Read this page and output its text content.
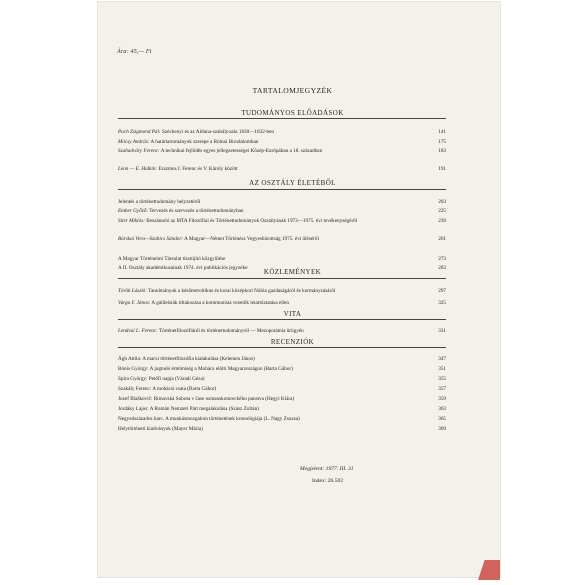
Ára: 45,— Ft
TARTALOMJEGYZÉK
TUDOMÁNYOS ELŐADÁSOK
Pach Zsigmond Pál: Széchenyi és az Aldunа-szabályozás 1830—1832-ben	141
Mócsy András: A határtartományok szerepe a Római Birodalomban	175
Szabadváry Ferenc: A technikai fejlődés egyes jellegzetességei Közép-Európában a 18. században	183
Léon — E. Halkin: Erazmus I. Ferenc és V. Károly között	191
AZ OSZTÁLY ÉLETÉBŐL
Jelentés a történettudomány helyzetéről	203
Ember Győző: Tervezés és szervezés a történettudományban	225
Stier Miklós: Beszámoló az MTA Filozófiai és Történettudományok Osztályának 1973—1975. évi tevékenységéről	239
Bárskai Vera—Szabics Sándor: A Magyar—Német Történész Vegyesbizottság 1975. évi üléséről	261
A Magyar Történelmi Társulat tisztújító közgyűlése	273
A II. Osztály akadémikusainak 1974. évi publikációs jegyzéke	283
KÖZLEMÉNYEK
Török László: Tanulmányok a későmeroitikus és korai középkori Núbia gazdaságáról és kormányzásáról	297
Varga F. János: A galileisták tiltakozása a kommunista vezetők letartóztatása ellen	325
VITA
Lendvai L. Ferenc: Történetfilozófiáról és történettudományról — Mezopotámia ürügyén	331
RECENZIÓK
Ágh Attila: A marxi történetfilozófia kialakulása (Kelemen János)	347
Bónis György: A jogtudó értelmiség a Mohács előtti Magyarországon (Barta Gábor)	351
Spira György: Petőfi napja (Váradi Géza)	355
Szakály Ferenc: A mohácsi csata (Barta Gábor)	357
Jozef Blaškovič: Rimavská Sobota v čase osmanskotureckého panstva (Hegyi Klára)	359
Jordáky Lajos: A Román Nemzeti Párt megalakulása (Szász Zoltán)	363
Negyedszázados harc. A munkásmozgalom történetének kronológiája (L. Nagy Zsuzsa)	365
Helytörténeti kiadványok (Mayer Mária)	369
Megjelent: 1977. III. 31
Index: 26.502
